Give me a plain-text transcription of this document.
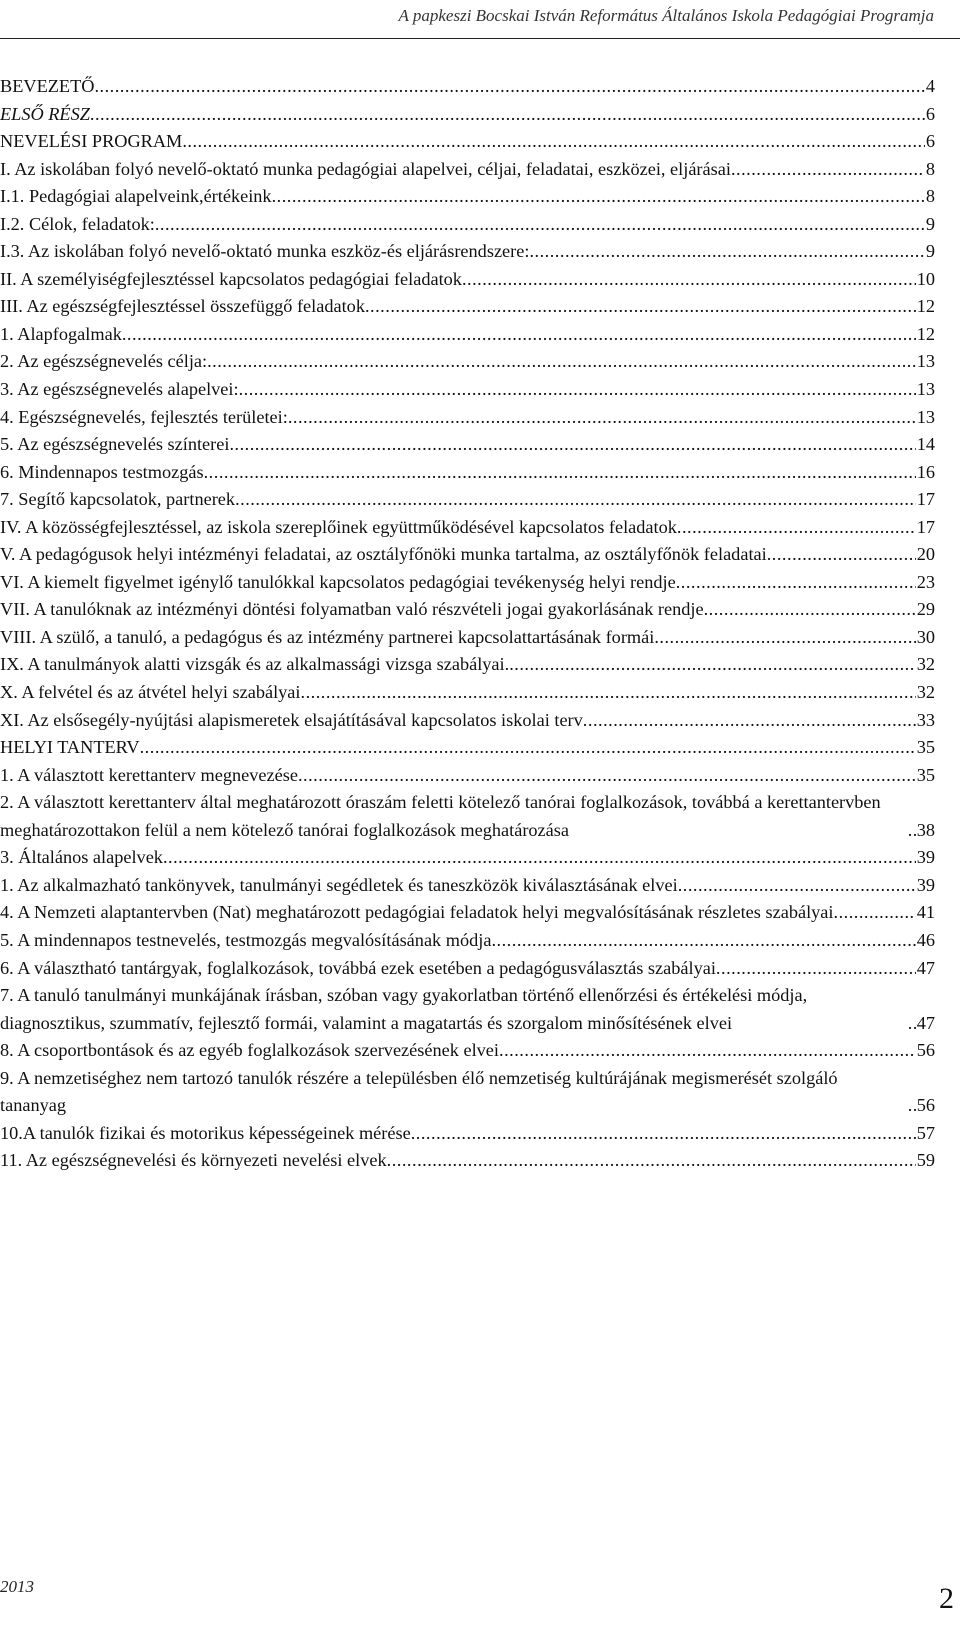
A papkeszi Bocskai István Református Általános Iskola Pedagógiai Programja
BEVEZETŐ .....	4
ELSŐ RÉSZ .....	6
NEVELÉSI PROGRAM .....	6
I. Az iskolában folyó nevelő-oktató munka pedagógiai alapelvei, céljai, feladatai, eszközei, eljárásai .....	8
I.1. Pedagógiai alapelveink,értékeink .....	8
I.2. Célok, feladatok: .....	9
I.3. Az iskolában folyó nevelő-oktató munka eszköz-és eljárásrendszere: .....	9
II. A személyiségfejlesztéssel kapcsolatos pedagógiai feladatok .....	10
III. Az egészségfejlesztéssel összefüggő feladatok .....	12
1. Alapfogalmak .....	12
2. Az egészségnevelés célja: .....	13
3. Az egészségnevelés alapelvei: .....	13
4. Egészségnevelés, fejlesztés területei: .....	13
5. Az egészségnevelés színterei .....	14
6. Mindennapos testmozgás .....	16
7. Segítő kapcsolatok, partnerek .....	17
IV. A közösségfejlesztéssel, az iskola szereplőinek együttműködésével kapcsolatos feladatok .....	17
V. A pedagógusok helyi intézményi feladatai, az osztályfőnöki munka tartalma, az osztályfőnök feladatai .....	20
VI. A kiemelt figyelmet igénylő tanulókkal kapcsolatos pedagógiai tevékenység helyi rendje .....	23
VII. A tanulóknak az intézményi döntési folyamatban való részvételi jogai gyakorlásának rendje .....	29
VIII. A szülő, a tanuló, a pedagógus és az intézmény partnerei kapcsolattartásának formái .....	30
IX. A tanulmányok alatti vizsgák és az alkalmassági vizsga szabályai. .....	32
X. A felvétel és az átvétel helyi szabályai .....	32
XI. Az elsősegély-nyújtási alapismeretek elsajátításával kapcsolatos iskolai terv .....	33
HELYI TANTERV .....	35
1. A választott kerettanterv megnevezése .....	35
2. A választott kerettanterv által meghatározott óraszám feletti kötelező tanórai foglalkozások, továbbá a kerettantervben meghatározottakon felül a nem kötelező tanórai foglalkozások meghatározása .....	38
3. Általános alapelvek .....	39
1. Az alkalmazható tankönyvek, tanulmányi segédletek és taneszközök kiválasztásának elvei .....	39
4. A Nemzeti alaptantervben (Nat) meghatározott pedagógiai feladatok helyi megvalósításának részletes szabályai .....	41
5. A mindennapos testnevelés, testmozgás megvalósításának módja .....	46
6. A választható tantárgyak, foglalkozások, továbbá ezek esetében a pedagógusválasztás szabályai .....	47
7. A tanuló tanulmányi munkájának írásban, szóban vagy gyakorlatban történő ellenőrzési és értékelési módja, diagnosztikus, szummatív, fejlesztő formái, valamint a magatartás és szorgalom minősítésének elvei .....	47
8. A csoportbontások és az egyéb foglalkozások szervezésének elvei .....	56
9. A nemzetiséghez nem tartozó tanulók részére a településben élő nemzetiség kultúrájának megismerését szolgáló tananyag .....	56
10.A tanulók fizikai és motorikus képességeinek mérése .....	57
11. Az egészségnevelési és környezeti nevelési elvek .....	59
2013	2
